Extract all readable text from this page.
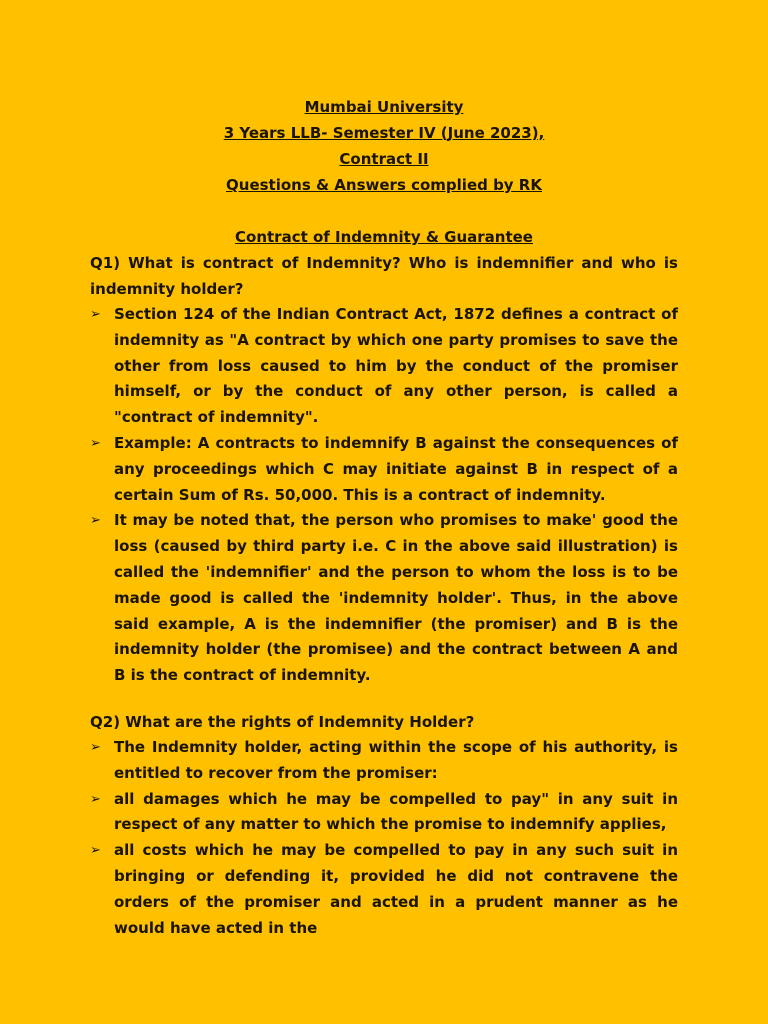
Mumbai University
3 Years LLB- Semester IV (June 2023),
Contract II
Questions & Answers complied by RK
Contract of Indemnity & Guarantee
Q1) What is contract of Indemnity? Who is indemnifier and who is indemnity holder?
➢ Section 124 of the Indian Contract Act, 1872 defines a contract of indemnity as "A contract by which one party promises to save the other from loss caused to him by the conduct of the promiser himself, or by the conduct of any other person, is called a "contract of indemnity".
➢ Example: A contracts to indemnify B against the consequences of any proceedings which C may initiate against B in respect of a certain Sum of Rs. 50,000. This is a contract of indemnity.
➢ It may be noted that, the person who promises to make' good the loss (caused by third party i.e. C in the above said illustration) is called the 'indemnifier' and the person to whom the loss is to be made good is called the 'indemnity holder'. Thus, in the above said example, A is the indemnifier (the promiser) and B is the indemnity holder (the promisee) and the contract between A and B is the contract of indemnity.
Q2) What are the rights of Indemnity Holder?
➢ The Indemnity holder, acting within the scope of his authority, is entitled to recover from the promiser:
➢ all damages which he may be compelled to pay" in any suit in respect of any matter to which the promise to indemnify applies,
➢ all costs which he may be compelled to pay in any such suit in bringing or defending it, provided he did not contravene the orders of the promiser and acted in a prudent manner as he would have acted in the
